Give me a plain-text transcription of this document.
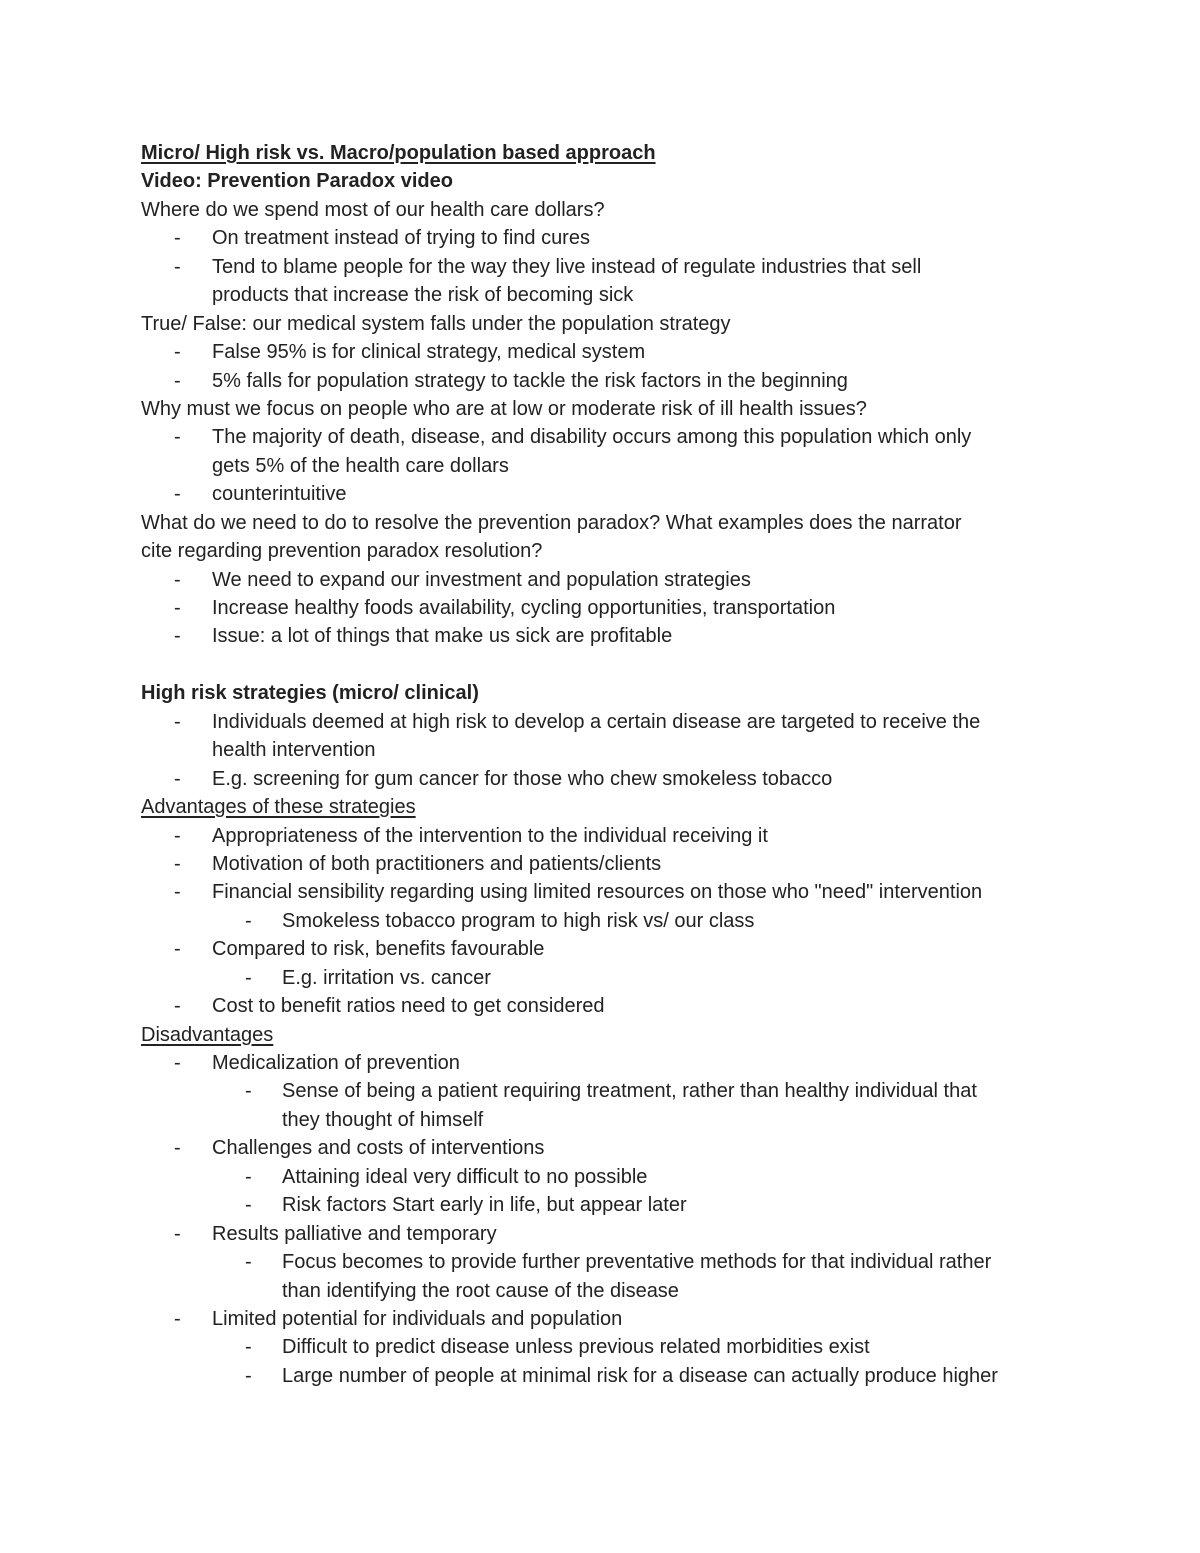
Micro/ High risk vs. Macro/population based approach
Video: Prevention Paradox video
Where do we spend most of our health care dollars?
- On treatment instead of trying to find cures
- Tend to blame people for the way they live instead of regulate industries that sell
products that increase the risk of becoming sick
True/ False: our medical system falls under the population strategy
- False 95% is for clinical strategy, medical system
- 5% falls for population strategy to tackle the risk factors in the beginning
Why must we focus on people who are at low or moderate risk of ill health issues?
- The majority of death, disease, and disability occurs among this population which only
gets 5% of the health care dollars
- counterintuitive
What do we need to do to resolve the prevention paradox? What examples does the narrator
cite regarding prevention paradox resolution?
- We need to expand our investment and population strategies
- Increase healthy foods availability, cycling opportunities, transportation
- Issue: a lot of things that make us sick are profitable
High risk strategies (micro/ clinical)
- Individuals deemed at high risk to develop a certain disease are targeted to receive the
health intervention
- E.g. screening for gum cancer for those who chew smokeless tobacco
Advantages of these strategies
- Appropriateness of the intervention to the individual receiving it
- Motivation of both practitioners and patients/clients
- Financial sensibility regarding using limited resources on those who "need" intervention
- Smokeless tobacco program to high risk vs/ our class
- Compared to risk, benefits favourable
- E.g. irritation vs. cancer
- Cost to benefit ratios need to get considered
Disadvantages
- Medicalization of prevention
- Sense of being a patient requiring treatment, rather than healthy individual that
they thought of himself
- Challenges and costs of interventions
- Attaining ideal very difficult to no possible
- Risk factors Start early in life, but appear later
- Results palliative and temporary
- Focus becomes to provide further preventative methods for that individual rather
than identifying the root cause of the disease
- Limited potential for individuals and population
- Difficult to predict disease unless previous related morbidities exist
- Large number of people at minimal risk for a disease can actually produce higher
